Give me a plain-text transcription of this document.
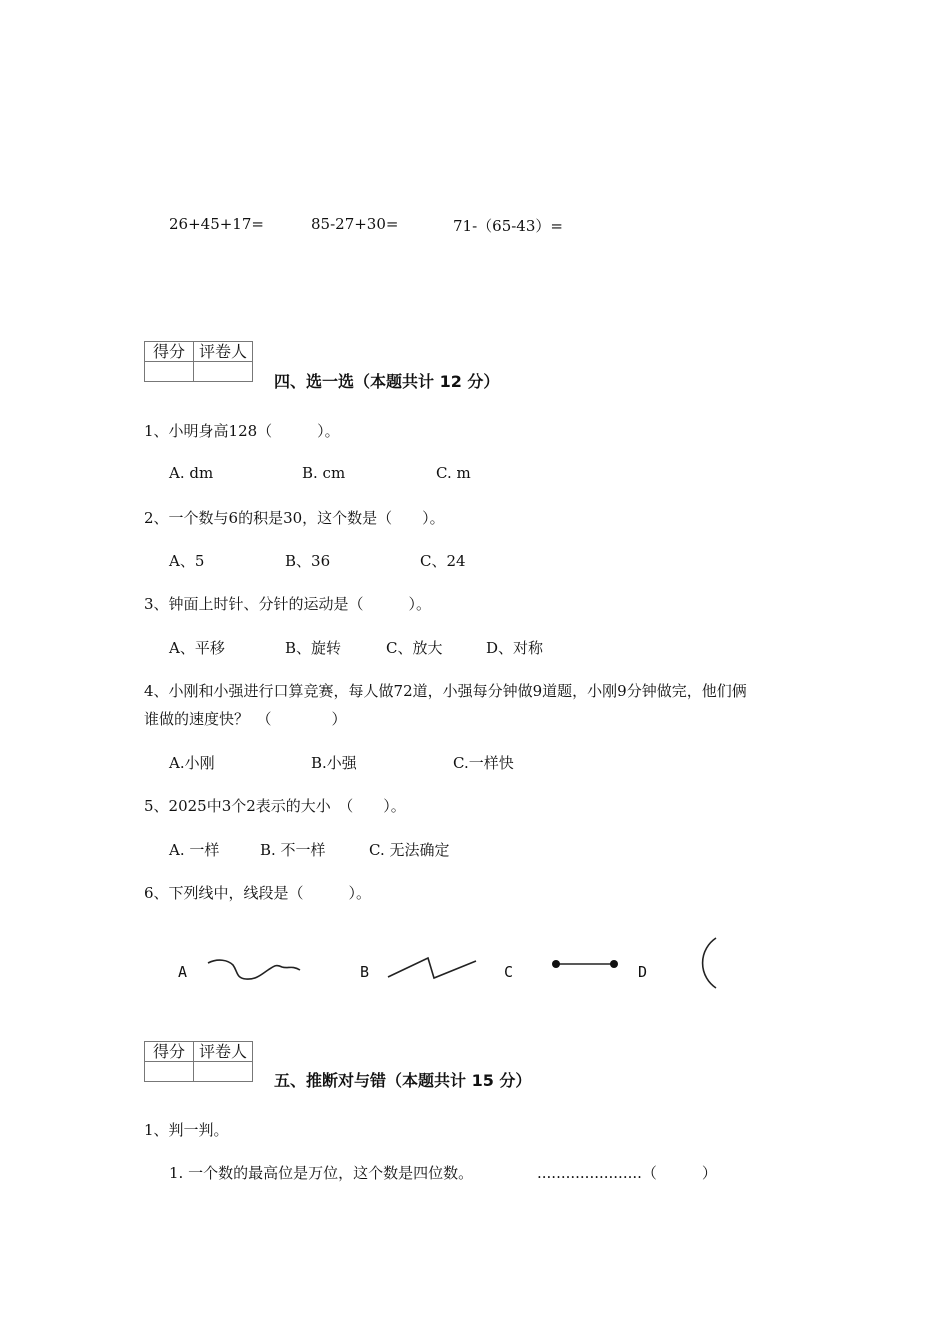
26+45+17=	85-27+30=	71-（65-43）=
得分	评卷人

四、选一选（本题共计 12 分）
1、小明身高128（　　　）。
A. dm	B. cm	C. m
2、一个数与6的积是30，这个数是（　　）。
A、5	B、36	C、24
3、钟面上时针、分针的运动是（　　　）。
A、平移	B、旋转	C、放大	D、对称
4、小刚和小强进行口算竞赛，每人做72道，小强每分钟做9道题，小刚9分钟做完，他们俩
谁做的速度快？　（　　　　）
A.小刚	B.小强	C.一样快
5、2025中3个2表示的大小　（　　）。
A. 一样	B. 不一样	C. 无法确定
6、下列线中，线段是（　　　）。
A	B	C	D
得分	评卷人

五、推断对与错（本题共计 15 分）
1、判一判。
1. 一个数的最高位是万位，这个数是四位数。	......................（　　　）
